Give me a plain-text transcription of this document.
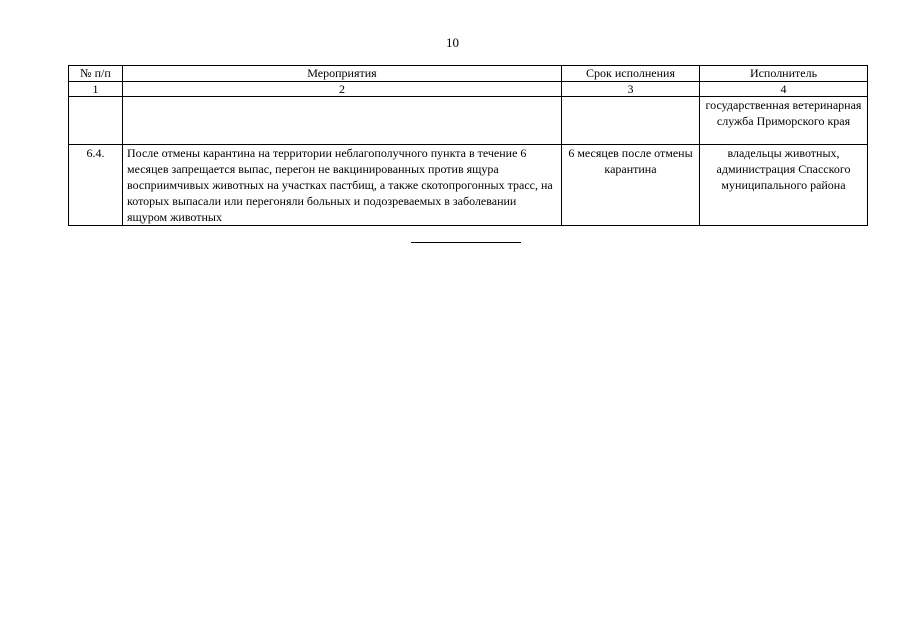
10
№ п/п	Мероприятия	Срок исполнения	Исполнитель
1	2	3	4
			государственная ветеринарная служба Приморского края
6.4.	После отмены карантина на территории неблагополучного пункта в течение 6 месяцев запрещается выпас, перегон не вакцинированных против ящура восприимчивых животных на участках пастбищ, а также скотопрогонных трасс, на которых выпасали или перегоняли больных и подозреваемых в заболевании ящуром животных	6 месяцев после отмены карантина	владельцы животных, администрация Спасского муниципального района
